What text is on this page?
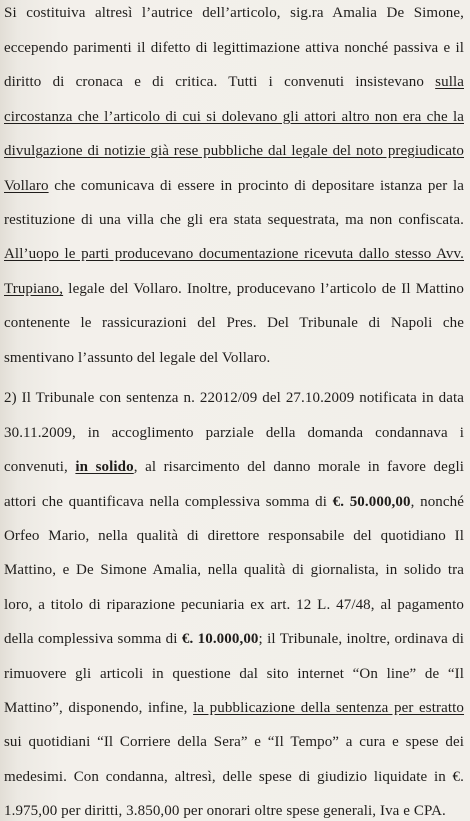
Si costituiva altresì l’autrice dell’articolo, sig.ra Amalia De Simone,
eccependo parimenti il difetto di legittimazione attiva nonché passiva e il
diritto di cronaca e di critica. Tutti i convenuti insistevano sulla
circostanza che l’articolo di cui si dolevano gli attori altro non era che la
divulgazione di notizie già rese pubbliche dal legale del noto pregiudicato
Vollaro che comunicava di essere in procinto di depositare istanza per la
restituzione di una villa che gli era stata sequestrata, ma non confiscata.
All’uopo le parti producevano documentazione ricevuta dallo stesso Avv.
Trupiano, legale del Vollaro. Inoltre, producevano l’articolo de Il Mattino
contenente le rassicurazioni del Pres. Del Tribunale di Napoli che
smentivano l’assunto del legale del Vollaro.
2) Il Tribunale con sentenza n. 22012/09 del 27.10.2009 notificata in data
30.11.2009, in accoglimento parziale della domanda condannava i
convenuti, in solido, al risarcimento del danno morale in favore degli
attori che quantificava nella complessiva somma di €. 50.000,00, nonché
Orfeo Mario, nella qualità di direttore responsabile del quotidiano Il
Mattino, e De Simone Amalia, nella qualità di giornalista, in solido tra
loro, a titolo di riparazione pecuniaria ex art. 12 L. 47/48, al pagamento
della complessiva somma di €. 10.000,00; il Tribunale, inoltre, ordinava di
rimuovere gli articoli in questione dal sito internet “On line” de “Il
Mattino”, disponendo, infine, la pubblicazione della sentenza per estratto
sui quotidiani “Il Corriere della Sera” e “Il Tempo” a cura e spese dei
medesimi. Con condanna, altresì, delle spese di giudizio liquidate in €.
1.975,00 per diritti, 3.850,00 per onorari oltre spese generali, Iva e CPA.
